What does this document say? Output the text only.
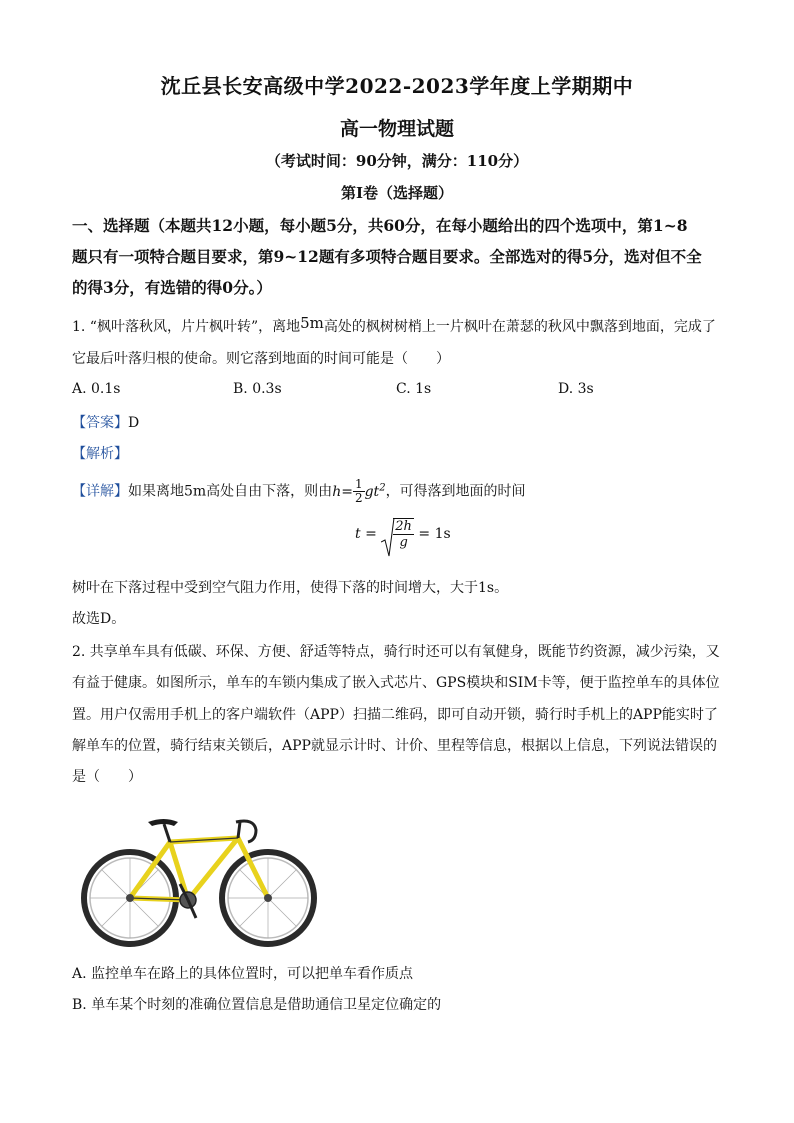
沈丘县长安高级中学2022-2023学年度上学期期中
高一物理试题
（考试时间：90分钟，满分：110分）
第I卷（选择题）
一、选择题（本题共12小题，每小题5分，共60分，在每小题给出的四个选项中，第1~8
题只有一项特合题目要求，第9~12题有多项特合题目要求。全部选对的得5分，选对但不全
的得3分，有选错的得0分。）
1. “枫叶落秋风，片片枫叶转”，离地5m高处的枫树树梢上一片枫叶在萧瑟的秋风中飘落到地面，完成了
它最后叶落归根的使命。则它落到地面的时间可能是（　　）
A. 0.1s	B. 0.3s	C. 1s	D. 3s
【答案】D
【解析】
【详解】如果离地5m高处自由下落，则由$h= \frac{1}{2} gt^2$，可得落到地面的时间
$t = \frac{2h}{g} = 1s$
树叶在下落过程中受到空气阻力作用，使得下落的时间增大，大于1s。
故选D。
2. 共享单车具有低碳、环保、方便、舒适等特点，骑行时还可以有氧健身，既能节约资源，减少污染，又
有益于健康。如图所示，单车的车锁内集成了嵌入式芯片、GPS模块和SIM卡等，便于监控单车的具体位
置。用户仅需用手机上的客户端软件（APP）扫描二维码，即可自动开锁，骑行时手机上的APP能实时了
解单车的位置，骑行结束关锁后，APP就显示计时、计价、里程等信息，根据以上信息，下列说法错误的
是（　　）
A. 监控单车在路上的具体位置时，可以把单车看作质点
B. 单车某个时刻的准确位置信息是借助通信卫星定位确定的
